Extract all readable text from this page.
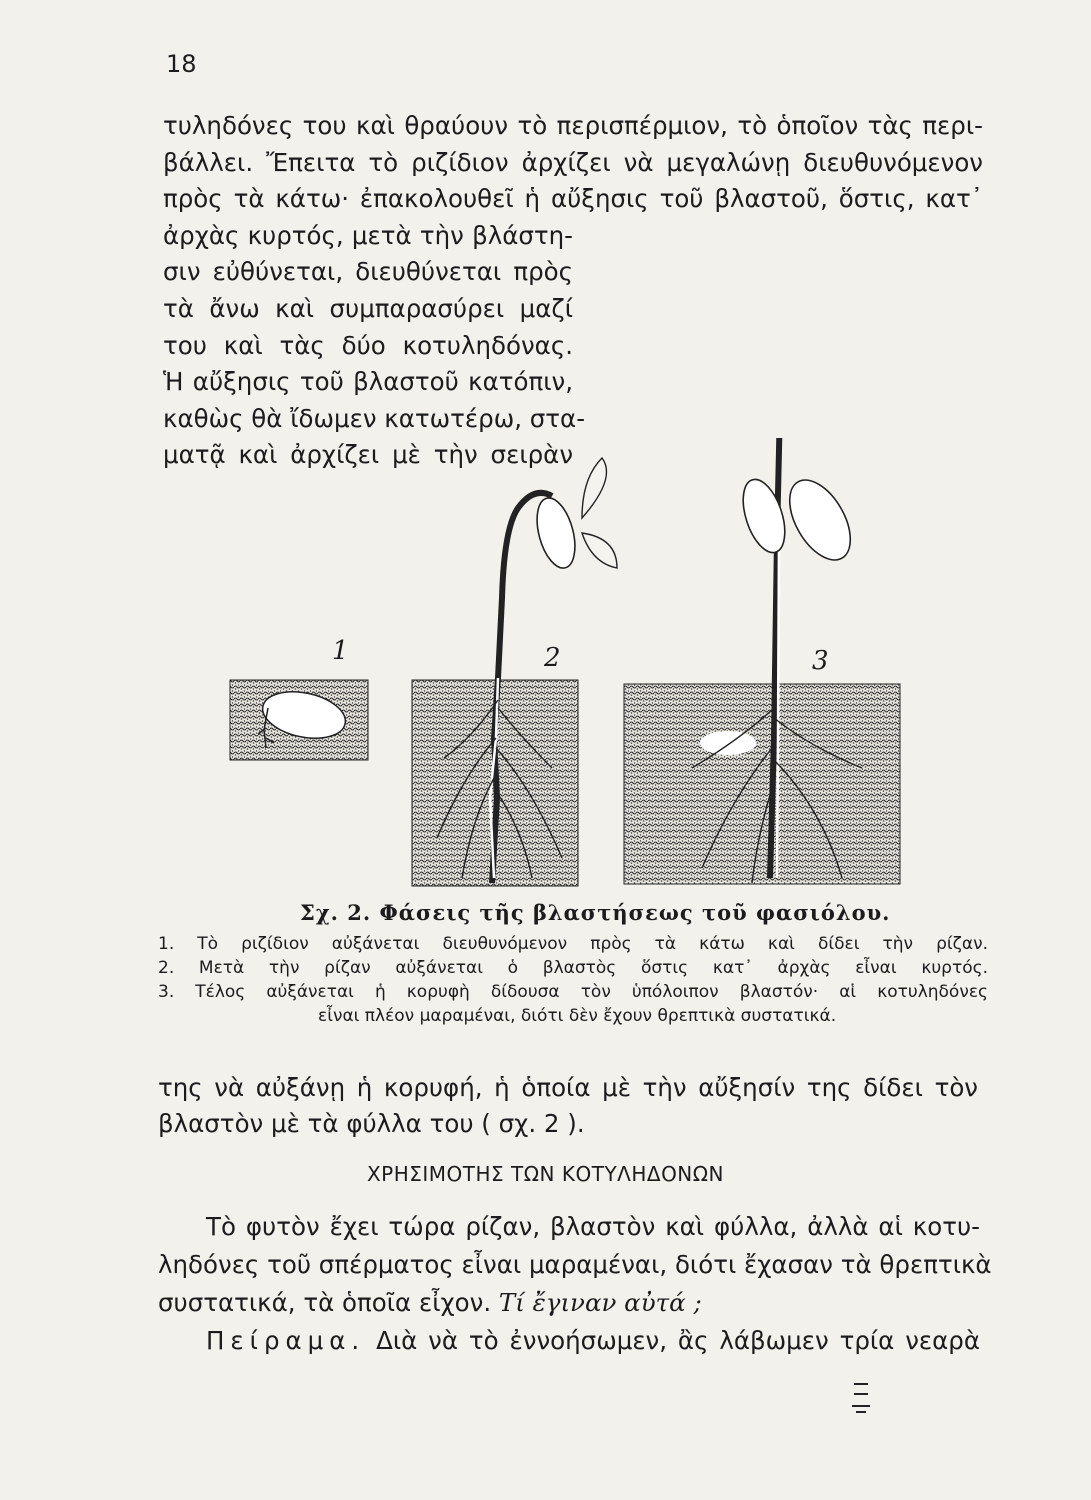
18
τυληδόνες του καὶ θραύουν τὸ περισπέρμιον, τὸ ὁποῖον τὰς περι-
βάλλει. Ἔπειτα τὸ ριζίδιον ἀρχίζει νὰ μεγαλώνῃ διευθυνόμενον
πρὸς τὰ κάτω· ἐπακολουθεῖ ἡ αὔξησις τοῦ βλαστοῦ, ὅστις, κατ᾽
ἀρχὰς κυρτός, μετὰ τὴν βλάστη-
σιν εὐθύνεται, διευθύνεται πρὸς
τὰ ἄνω καὶ συμπαρασύρει μαζί
του καὶ τὰς δύο κοτυληδόνας.
Ἡ αὔξησις τοῦ βλαστοῦ κατόπιν,
καθὼς θὰ ἴδωμεν κατωτέρω, στα-
ματᾷ καὶ ἀρχίζει μὲ τὴν σειρὰν
1	2	3
Σχ. 2. Φάσεις τῆς βλαστήσεως τοῦ φασιόλου.
1. Τὸ ριζίδιον αὐξάνεται διευθυνόμενον πρὸς τὰ κάτω καὶ δίδει τὴν ρίζαν.
2. Μετὰ τὴν ρίζαν αὐξάνεται ὁ βλαστὸς ὅστις κατ᾽ ἀρχὰς εἶναι κυρτός.
3. Τέλος αὐξάνεται ἡ κορυφὴ δίδουσα τὸν ὑπόλοιπον βλαστόν· αἱ κοτυληδόνες
εἶναι πλέον μαραμέναι, διότι δὲν ἔχουν θρεπτικὰ συστατικά.
της νὰ αὐξάνῃ ἡ κορυφή, ἡ ὁποία μὲ τὴν αὔξησίν της δίδει τὸν
βλαστὸν μὲ τὰ φύλλα του ( σχ. 2 ).
ΧΡΗΣΙΜΟΤΗΣ ΤΩΝ ΚΟΤΥΛΗΔΟΝΩΝ
Τὸ φυτὸν ἔχει τώρα ρίζαν, βλαστὸν καὶ φύλλα, ἀλλὰ αἱ κοτυ-
ληδόνες τοῦ σπέρματος εἶναι μαραμέναι, διότι ἔχασαν τὰ θρεπτικὰ
συστατικά, τὰ ὁποῖα εἶχον. Τί ἔγιναν αὐτά ;
Πείραμα. Διὰ νὰ τὸ ἐννοήσωμεν, ἂς λάβωμεν τρία νεαρὰ
